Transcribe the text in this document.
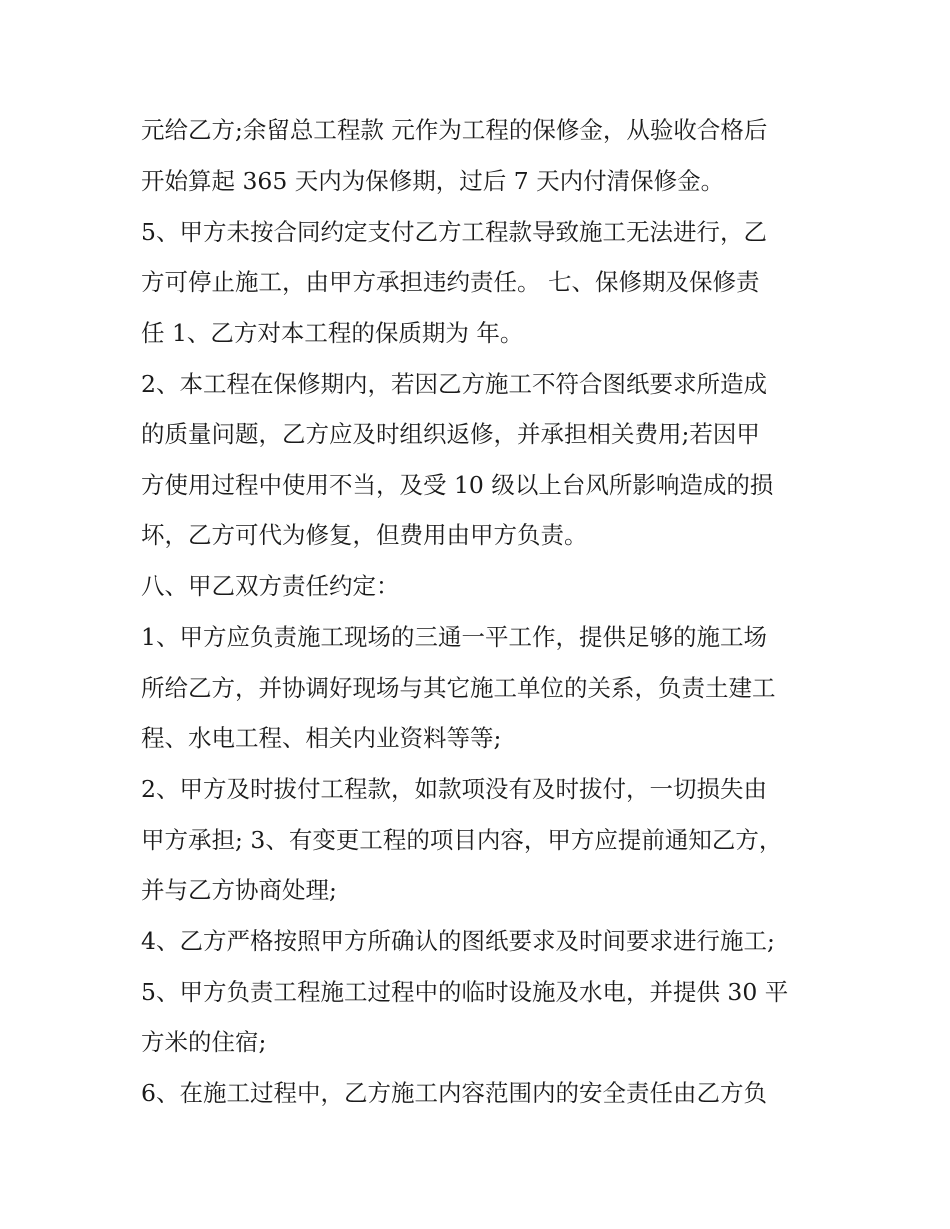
元给乙方;余留总工程款 元作为工程的保修金，从验收合格后
开始算起 365 天内为保修期，过后 7 天内付清保修金。
5、甲方未按合同约定支付乙方工程款导致施工无法进行，乙
方可停止施工，由甲方承担违约责任。 七、保修期及保修责
任 1、乙方对本工程的保质期为 年。
2、本工程在保修期内，若因乙方施工不符合图纸要求所造成
的质量问题，乙方应及时组织返修，并承担相关费用;若因甲
方使用过程中使用不当，及受 10 级以上台风所影响造成的损
坏，乙方可代为修复，但费用由甲方负责。
八、甲乙双方责任约定：
1、甲方应负责施工现场的三通一平工作，提供足够的施工场
所给乙方，并协调好现场与其它施工单位的关系，负责土建工
程、水电工程、相关内业资料等等;
2、甲方及时拔付工程款，如款项没有及时拔付，一切损失由
甲方承担; 3、有变更工程的项目内容，甲方应提前通知乙方，
并与乙方协商处理;
4、乙方严格按照甲方所确认的图纸要求及时间要求进行施工;
5、甲方负责工程施工过程中的临时设施及水电，并提供 30 平
方米的住宿;
6、在施工过程中，乙方施工内容范围内的安全责任由乙方负
